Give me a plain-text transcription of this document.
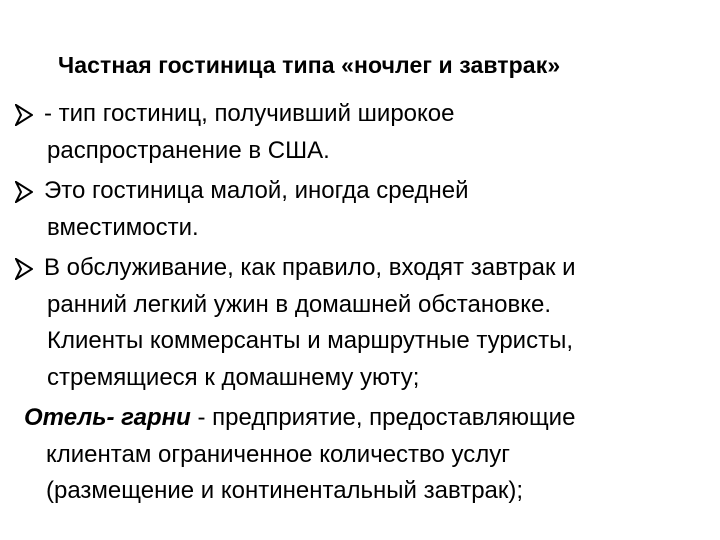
Частная гостиница типа «ночлег и завтрак»
- тип гостиниц, получивший широкое
распространение в США.
Это гостиница малой, иногда средней
вместимости.
В обслуживание, как правило, входят завтрак и
ранний легкий ужин в домашней обстановке.
Клиенты коммерсанты и маршрутные туристы,
стремящиеся к домашнему уюту;
Отель- гарни - предприятие, предоставляющие
клиентам ограниченное количество услуг
(размещение и континентальный завтрак);
